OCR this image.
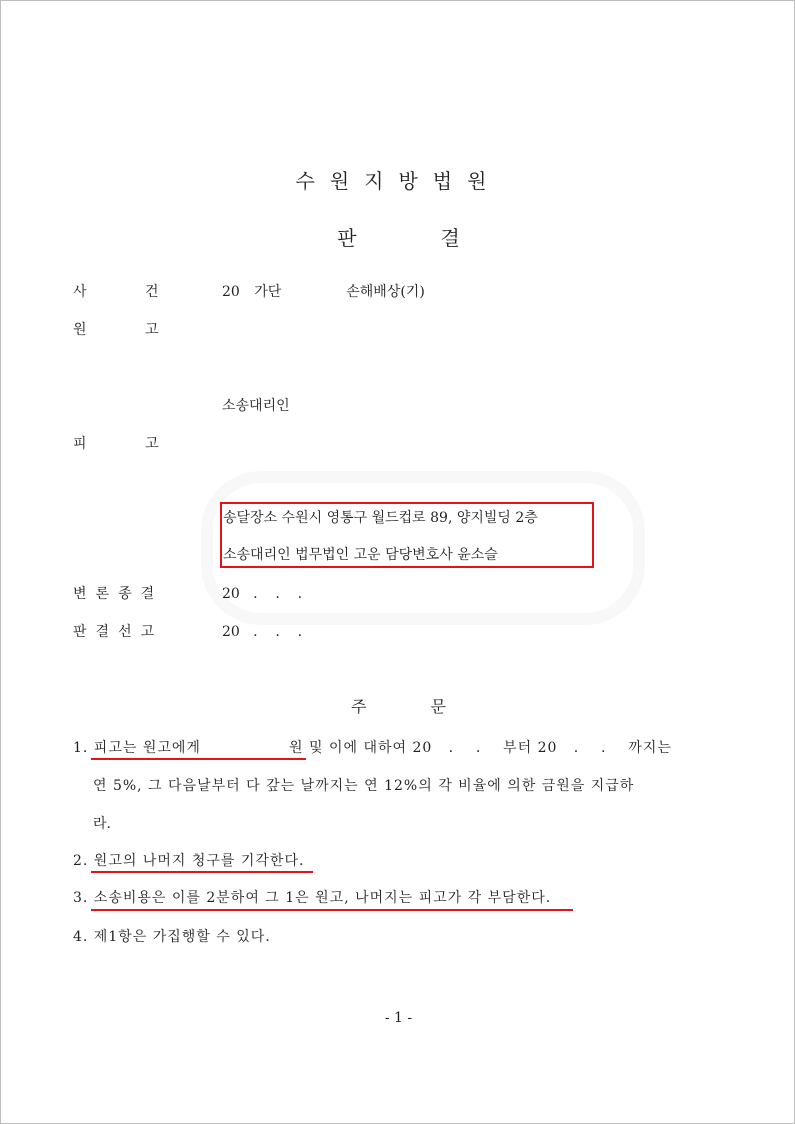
수원지방법원
판	결
사	건	20 가단	손해배상(기)
원	고
소송대리인
피	고
송달장소 수원시 영통구 월드컵로 89, 양지빌딩 2층
소송대리인 법무법인 고운 담당변호사 윤소슬
변 론 종 결	20   .    .    .
판 결 선 고	20   .    .    .
주	문
1. 피고는 원고에게	원 및 이에 대하여 20   .    .    부터 20   .    .    까지는
연 5%, 그 다음날부터 다 갚는 날까지는 연 12%의 각 비율에 의한 금원을 지급하
라.
2. 원고의 나머지 청구를 기각한다.
3. 소송비용은 이를 2분하여 그 1은 원고, 나머지는 피고가 각 부담한다.
4. 제1항은 가집행할 수 있다.
- 1 -
